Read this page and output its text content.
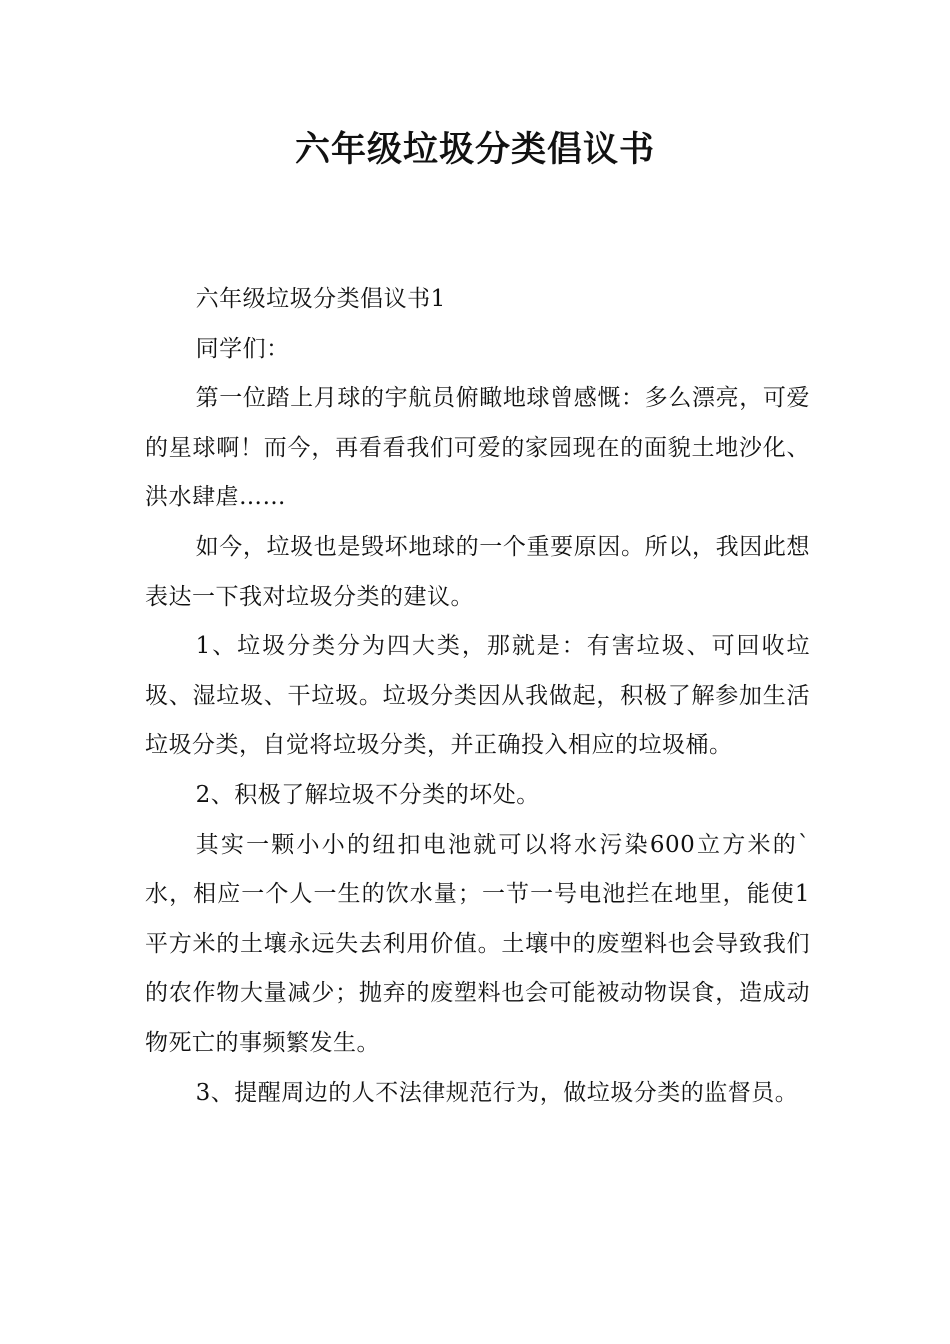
六年级垃圾分类倡议书

六年级垃圾分类倡议书1

同学们：

第一位踏上月球的宇航员俯瞰地球曾感慨：多么漂亮，可爱的星球啊！而今，再看看我们可爱的家园现在的面貌土地沙化、洪水肆虐……

如今，垃圾也是毁坏地球的一个重要原因。所以，我因此想表达一下我对垃圾分类的建议。

1、垃圾分类分为四大类，那就是：有害垃圾、可回收垃圾、湿垃圾、干垃圾。垃圾分类因从我做起，积极了解参加生活垃圾分类，自觉将垃圾分类，并正确投入相应的垃圾桶。

2、积极了解垃圾不分类的坏处。

其实一颗小小的纽扣电池就可以将水污染600立方米的`水，相应一个人一生的饮水量；一节一号电池拦在地里，能使1平方米的土壤永远失去利用价值。土壤中的废塑料也会导致我们的农作物大量减少；抛弃的废塑料也会可能被动物误食，造成动物死亡的事频繁发生。

3、提醒周边的人不法律规范行为，做垃圾分类的监督员。
